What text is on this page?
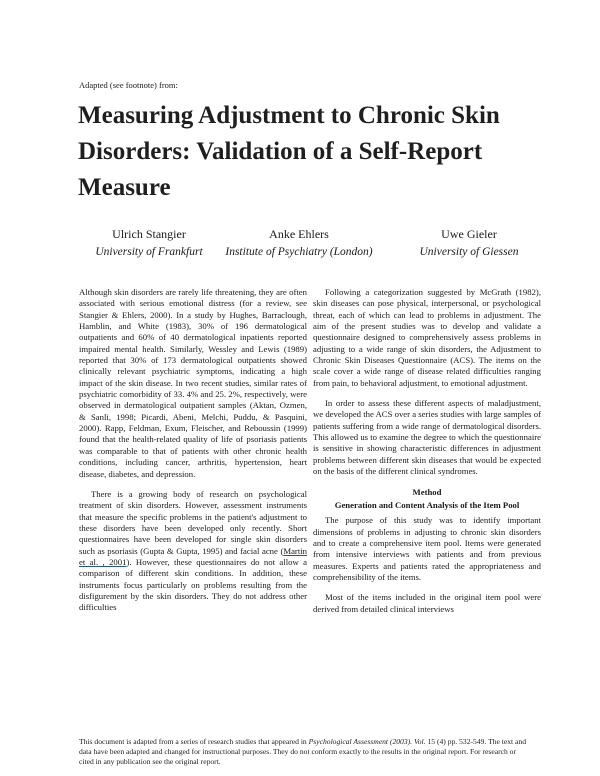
Adapted (see footnote) from:
Measuring Adjustment to Chronic Skin Disorders: Validation of a Self-Report Measure
Ulrich Stangier
University of Frankfurt
Anke Ehlers
Institute of Psychiatry (London)
Uwe Gieler
University of Giessen

Although skin disorders are rarely life threatening, they are often associated with serious emotional distress (for a review, see Stangier & Ehlers, 2000). In a study by Hughes, Barraclough, Hamblin, and White (1983), 30% of 196 dermatological outpatients and 60% of 40 dermatological inpatients reported impaired mental health. Similarly, Wessley and Lewis (1989) reported that 30% of 173 dermatological outpatients showed clinically relevant psychiatric symptoms, indicating a high impact of the skin disease. In two recent studies, similar rates of psychiatric comorbidity of 33. 4% and 25. 2%, respectively, were observed in dermatological outpatient samples (Aktan, Ozmen, & Sanli, 1998; Picardi, Abeni, Melchi, Puddu, & Pasquini, 2000). Rapp, Feldman, Exum, Fleischer, and Reboussin (1999) found that the health-related quality of life of psoriasis patients was comparable to that of patients with other chronic health conditions, including cancer, arthritis, hypertension, heart disease, diabetes, and depression.

There is a growing body of research on psychological treatment of skin disorders. However, assessment instruments that measure the specific problems in the patient's adjustment to these disorders have been developed only recently. Short questionnaires have been developed for single skin disorders such as psoriasis (Gupta & Gupta, 1995) and facial acne (Martin et al. , 2001). However, these questionnaires do not allow a comparison of different skin conditions. In addition, these instruments focus particularly on problems resulting from the disfigurement by the skin disorders. They do not address other difficulties

Following a categorization suggested by McGrath (1982), skin diseases can pose physical, interpersonal, or psychological threat, each of which can lead to problems in adjustment. The aim of the present studies was to develop and validate a questionnaire designed to comprehensively assess problems in adjusting to a wide range of skin disorders, the Adjustment to Chronic Skin Diseases Questionnaire (ACS). The items on the scale cover a wide range of disease related difficulties ranging from pain, to behavioral adjustment, to emotional adjustment.

In order to assess these different aspects of maladjustment, we developed the ACS over a series studies with large samples of patients suffering from a wide range of dermatological disorders. This allowed us to examine the degree to which the questionnaire is sensitive in showing characteristic differences in adjustment problems between different skin diseases that would be expected on the basis of the different clinical syndromes.

Method
Generation and Content Analysis of the Item Pool

The purpose of this study was to identify important dimensions of problems in adjusting to chronic skin disorders and to create a comprehensive item pool. Items were generated from intensive interviews with patients and from previous measures. Experts and patients rated the appropriateness and comprehensibility of the items.

Most of the items included in the original item pool were derived from detailed clinical interviews

This document is adapted from a series of research studies that appeared in Psychological Assessment (2003). Vol. 15 (4) pp. 532-549. The text and data have been adapted and changed for instructional purposes. They do not conform exactly to the results in the original report. For research or cited in any publication see the original report.
